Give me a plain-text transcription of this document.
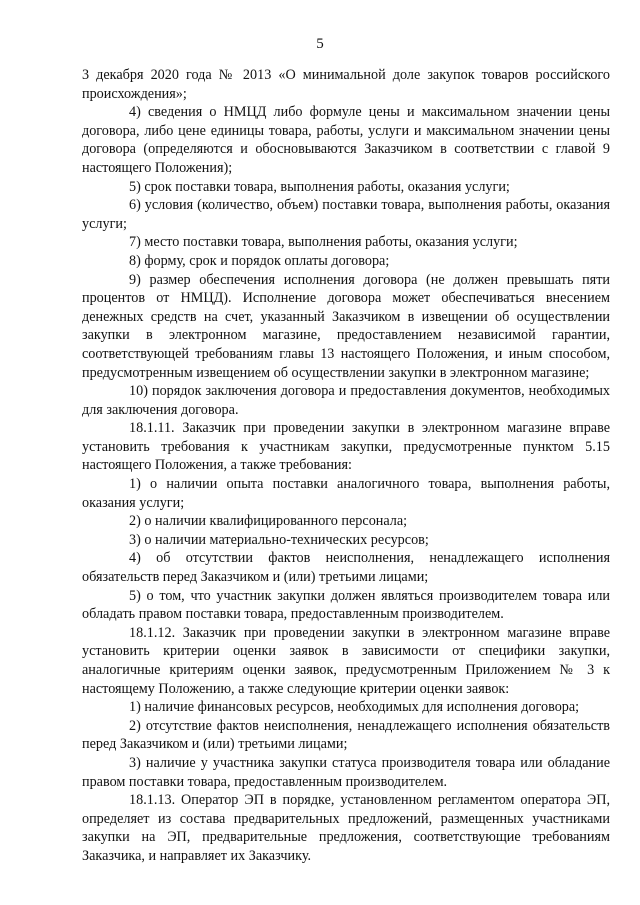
5

3 декабря 2020 года № 2013 «О минимальной доле закупок товаров российского происхождения»;

4) сведения о НМЦД либо формуле цены и максимальном значении цены договора, либо цене единицы товара, работы, услуги и максимальном значении цены договора (определяются и обосновываются Заказчиком в соответствии с главой 9 настоящего Положения);

5) срок поставки товара, выполнения работы, оказания услуги;

6) условия (количество, объем) поставки товара, выполнения работы, оказания услуги;

7) место поставки товара, выполнения работы, оказания услуги;

8) форму, срок и порядок оплаты договора;

9) размер обеспечения исполнения договора (не должен превышать пяти процентов от НМЦД). Исполнение договора может обеспечиваться внесением денежных средств на счет, указанный Заказчиком в извещении об осуществлении закупки в электронном магазине, предоставлением независимой гарантии, соответствующей требованиям главы 13 настоящего Положения, и иным способом, предусмотренным извещением об осуществлении закупки в электронном магазине;

10) порядок заключения договора и предоставления документов, необходимых для заключения договора.

18.1.11. Заказчик при проведении закупки в электронном магазине вправе установить требования к участникам закупки, предусмотренные пунктом 5.15 настоящего Положения, а также требования:

1) о наличии опыта поставки аналогичного товара, выполнения работы, оказания услуги;

2) о наличии квалифицированного персонала;

3) о наличии материально-технических ресурсов;

4) об отсутствии фактов неисполнения, ненадлежащего исполнения обязательств перед Заказчиком и (или) третьими лицами;

5) о том, что участник закупки должен являться производителем товара или обладать правом поставки товара, предоставленным производителем.

18.1.12. Заказчик при проведении закупки в электронном магазине вправе установить критерии оценки заявок в зависимости от специфики закупки, аналогичные критериям оценки заявок, предусмотренным Приложением № 3 к настоящему Положению, а также следующие критерии оценки заявок:

1) наличие финансовых ресурсов, необходимых для исполнения договора;

2) отсутствие фактов неисполнения, ненадлежащего исполнения обязательств перед Заказчиком и (или) третьими лицами;

3) наличие у участника закупки статуса производителя товара или обладание правом поставки товара, предоставленным производителем.

18.1.13. Оператор ЭП в порядке, установленном регламентом оператора ЭП, определяет из состава предварительных предложений, размещенных участниками закупки на ЭП, предварительные предложения, соответствующие требованиям Заказчика, и направляет их Заказчику.
